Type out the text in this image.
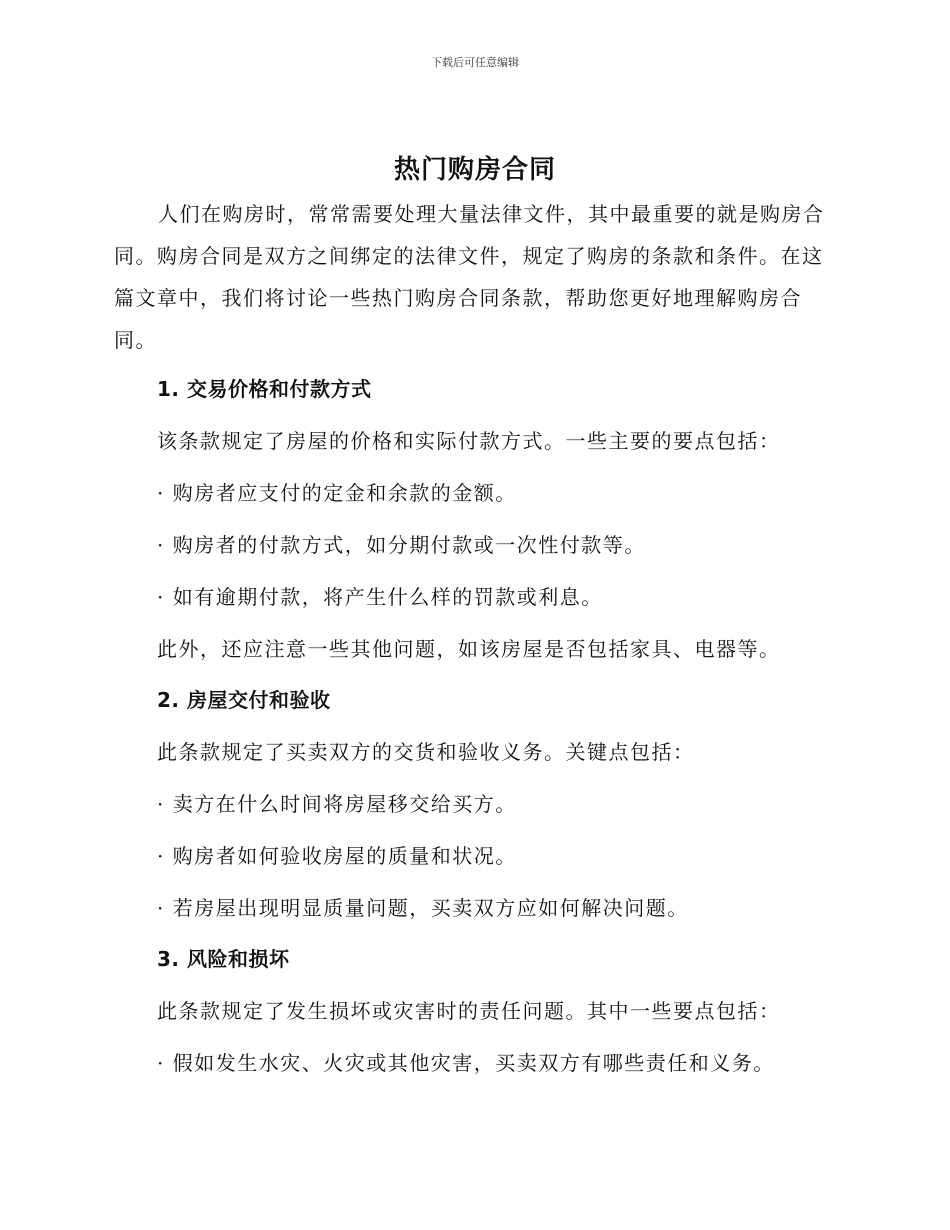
下载后可任意编辑
热门购房合同

人们在购房时，常常需要处理大量法律文件，其中最重要的就是购房合同。购房合同是双方之间绑定的法律文件，规定了购房的条款和条件。在这篇文章中，我们将讨论一些热门购房合同条款，帮助您更好地理解购房合同。

1. 交易价格和付款方式

该条款规定了房屋的价格和实际付款方式。一些主要的要点包括：

· 购房者应支付的定金和余款的金额。

· 购房者的付款方式，如分期付款或一次性付款等。

· 如有逾期付款，将产生什么样的罚款或利息。

此外，还应注意一些其他问题，如该房屋是否包括家具、电器等。

2. 房屋交付和验收

此条款规定了买卖双方的交货和验收义务。关键点包括：

· 卖方在什么时间将房屋移交给买方。

· 购房者如何验收房屋的质量和状况。

· 若房屋出现明显质量问题，买卖双方应如何解决问题。

3. 风险和损坏

此条款规定了发生损坏或灾害时的责任问题。其中一些要点包括：

· 假如发生水灾、火灾或其他灾害，买卖双方有哪些责任和义务。
